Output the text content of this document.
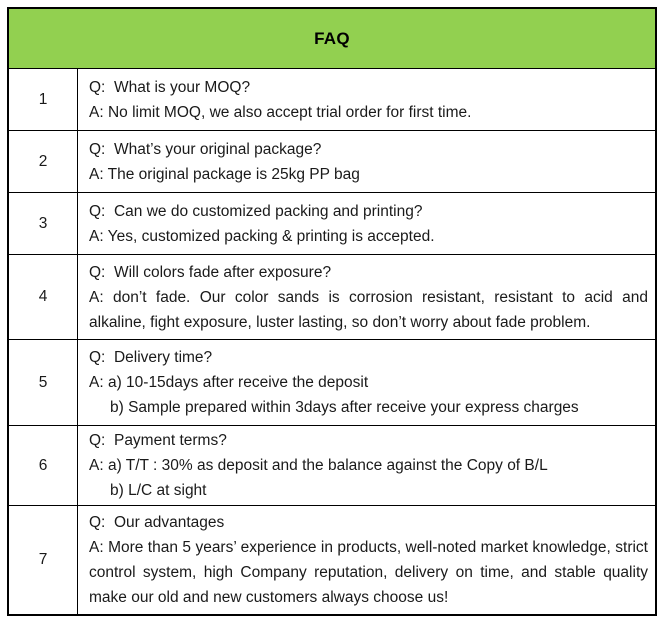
FAQ
1
Q:  What is your MOQ?
A: No limit MOQ, we also accept trial order for first time.
2
Q:  What’s your original package?
A: The original package is 25kg PP bag
3
Q:  Can we do customized packing and printing?
A: Yes, customized packing & printing is accepted.
4
Q:  Will colors fade after exposure?
A: don’t fade. Our color sands is corrosion resistant, resistant to acid and alkaline, fight exposure, luster lasting, so don’t worry about fade problem.
5
Q:  Delivery time?
A: a) 10-15days after receive the deposit
b) Sample prepared within 3days after receive your express charges
6
Q:  Payment terms?
A: a) T/T : 30% as deposit and the balance against the Copy of B/L
b) L/C at sight
7
Q:  Our advantages
A: More than 5 years’ experience in products, well-noted market knowledge, strict control system, high Company reputation, delivery on time, and stable quality make our old and new customers always choose us!
